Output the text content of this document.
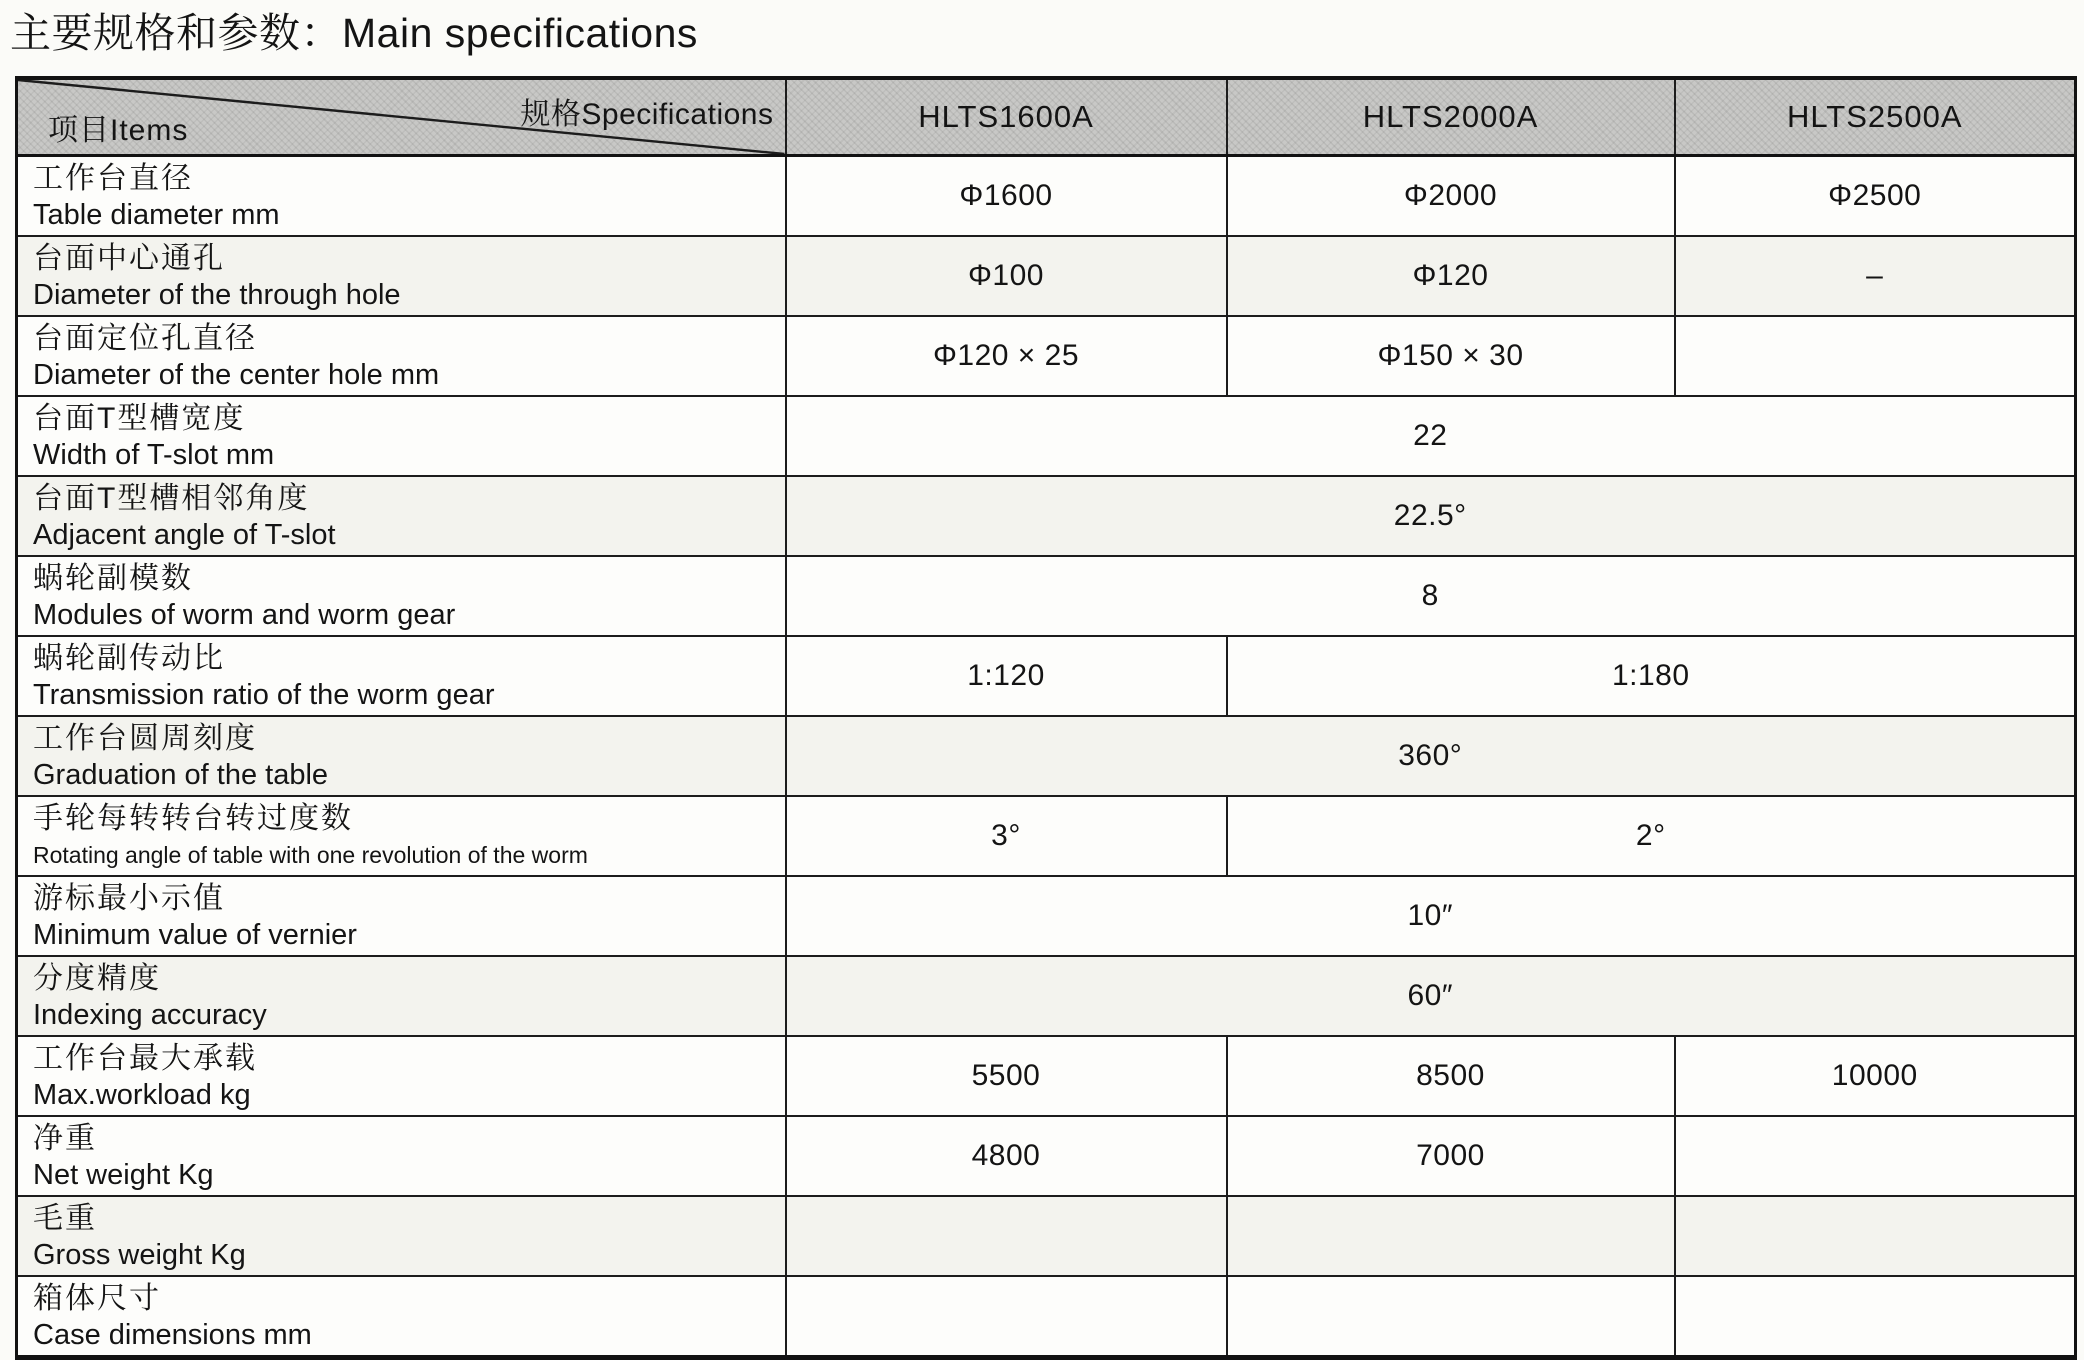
主要规格和参数：Main specifications
规格Specifications
项目Items	HLTS1600A	HLTS2000A	HLTS2500A

工作台直径
Table diameter mm	Φ1600	Φ2000	Φ2500

台面中心通孔
Diameter of the through hole	Φ100	Φ120	–

台面定位孔直径
Diameter of the center hole mm	Φ120 × 25	Φ150 × 30	

台面T型槽宽度
Width of T-slot mm	22		

台面T型槽相邻角度
Adjacent angle of T-slot	22.5°		

蜗轮副模数
Modules of worm and worm gear	8		

蜗轮副传动比
Transmission ratio of the worm gear	1:120	1:180	

工作台圆周刻度
Graduation of the table	360°		

手轮每转转台转过度数
Rotating angle of table with one revolution of the worm	3°	2°	

游标最小示值
Minimum value of vernier	10″		

分度精度
Indexing accuracy	60″		

工作台最大承载
Max.workload kg	5500	8500	10000

净重
Net weight Kg	4800	7000	

毛重
Gross weight Kg			

箱体尺寸
Case dimensions mm			
